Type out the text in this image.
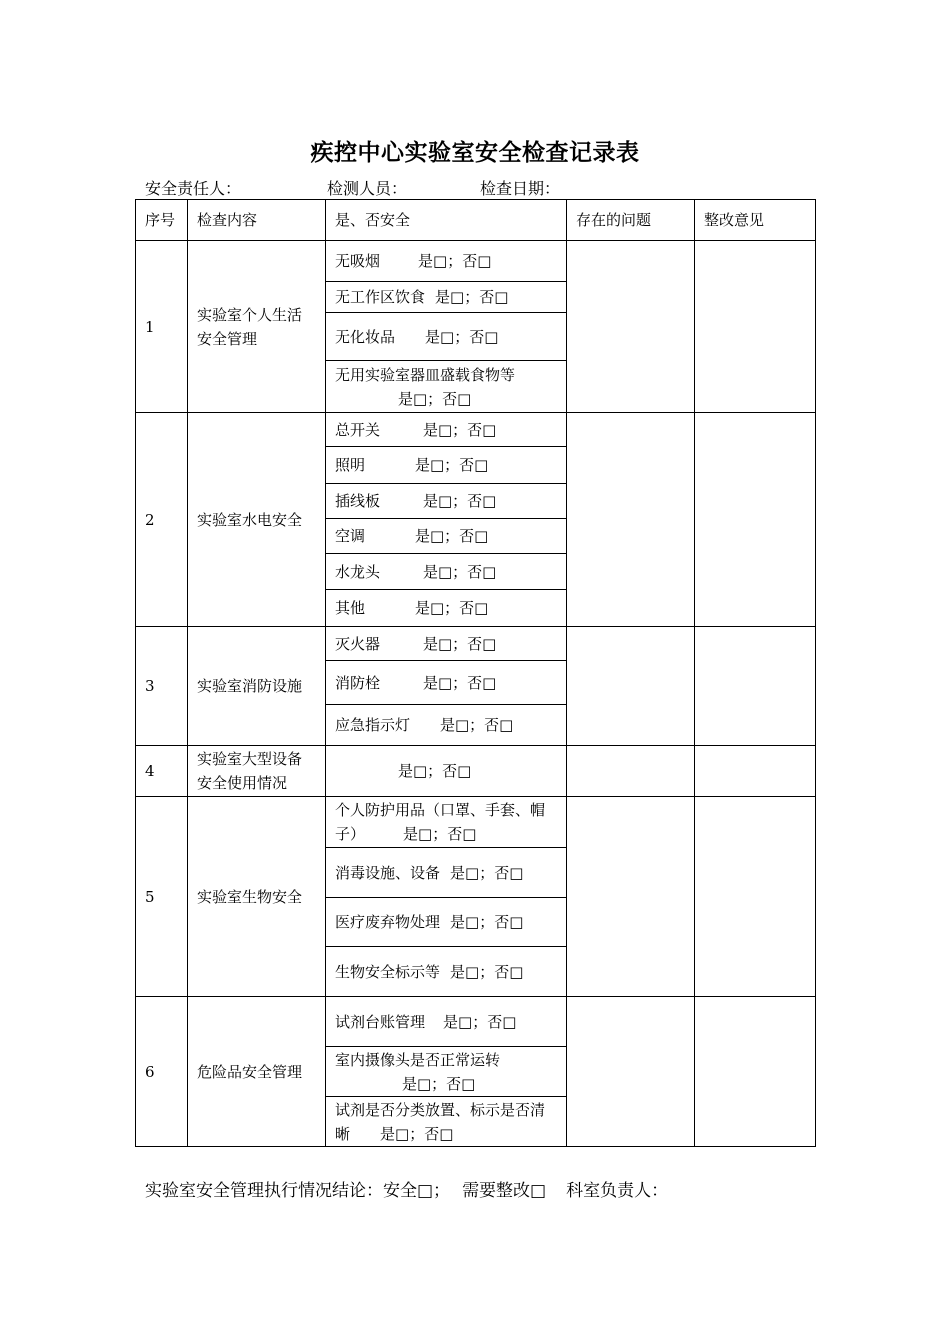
疾控中心实验室安全检查记录表
安全责任人：	检测人员：	检查日期：
序号	检查内容	是、否安全	存在的问题	整改意见
1	实验室个人生活安全管理	无吸烟 是□；否□		
		无工作区饮食 是□；否□		
		无化妆品 是□；否□		

		无用实验室器皿盛载食物等
是□；否□		

2	实验室水电安全	总开关 是□；否□		
		照明 是□；否□		
		插线板 是□；否□		
		空调 是□；否□		
		水龙头 是□；否□		
		其他 是□；否□		
3	实验室消防设施	灭火器 是□；否□		
		消防栓 是□；否□		
		应急指示灯 是□；否□		
4	实验室大型设备安全使用情况	是□；否□		
5	实验室生物安全	个人防护用品（口罩、手套、帽子） 是□；否□		
		消毒设施、设备 是□；否□		
		医疗废弃物处理 是□；否□		
		生物安全标示等 是□；否□		
6	危险品安全管理	试剂台账管理 是□；否□		

		室内摄像头是否正常运转
是□；否□		

		试剂是否分类放置、标示是否清晰 是□；否□		
实验室安全管理执行情况结论：安全□； 需要整改□ 科室负责人：
